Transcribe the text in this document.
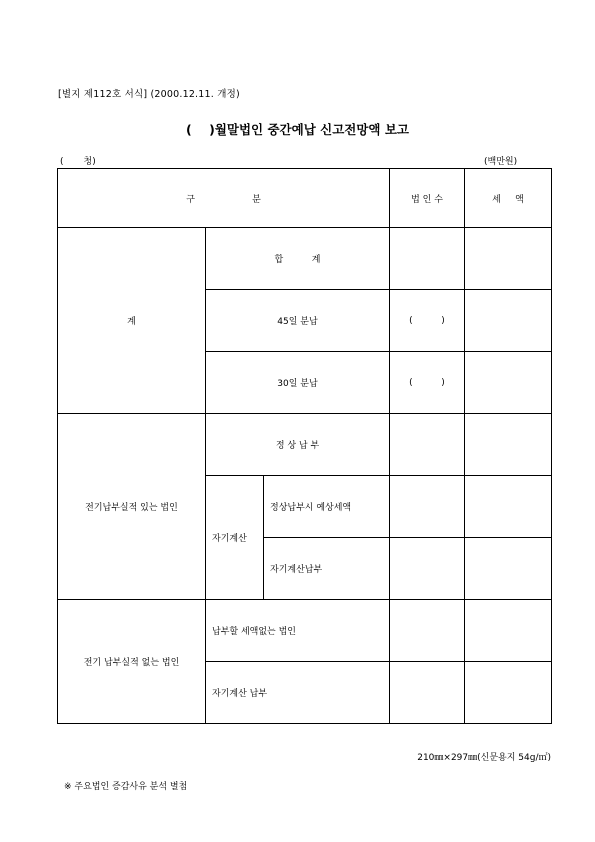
[별지 제112호 서식] (2000.12.11. 개정)
(    )월말법인 중간예납 신고전망액 보고
(       청)	(백만원)
구                    분			법 인 수	세     액
계	합          계			
	45일 분납		(          )	
	30일 분납		(          )	
전기납부실적 있는 법인	정 상 납 부			
	자기계산	정상납부시 예상세액		
		자기계산납부		
전기 납부실적 없는 법인	납부할 세액없는 법인			
	자기계산 납부			
210㎜×297㎜(신문용지 54g/㎡)
※ 주요법인 증감사유 분석 별첨
